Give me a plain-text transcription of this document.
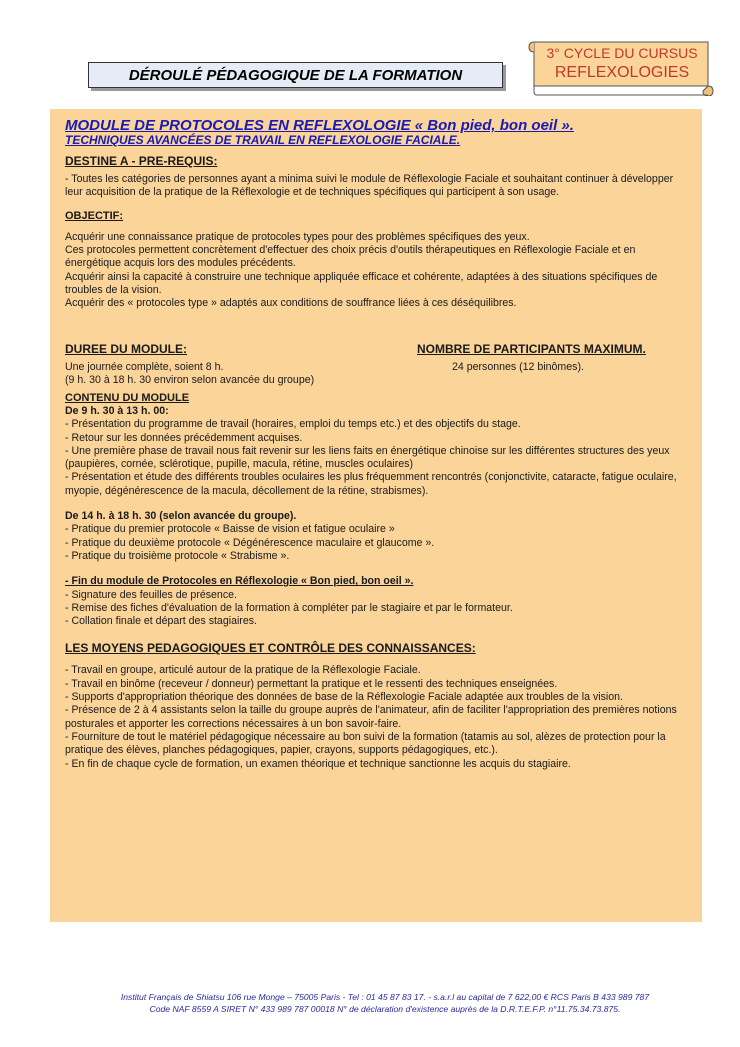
DÉROULÉ PÉDAGOGIQUE DE LA FORMATION
3° CYCLE DU CURSUS
REFLEXOLOGIES
MODULE DE PROTOCOLES EN REFLEXOLOGIE « Bon pied, bon oeil ».
TECHNIQUES AVANCÉES DE TRAVAIL EN REFLEXOLOGIE FACIALE.
DESTINE A - PRE-REQUIS:

- Toutes les catégories de personnes ayant a minima suivi le module de Réflexologie Faciale et souhaitant continuer à développer leur acquisition de la pratique de la Réflexologie et de techniques spécifiques qui participent à son usage.

OBJECTIF:

Acquérir une connaissance pratique de protocoles types pour des problèmes spécifiques des yeux.

Ces protocoles permettent concrètement d'effectuer des choix précis d'outils thérapeutiques en Réflexologie Faciale et en énergétique acquis lors des modules précédents.

Acquérir ainsi la capacité à construire une technique appliquée efficace et cohérente, adaptées à des situations spécifiques de troubles de la vision.

Acquérir des « protocoles type » adaptés aux conditions de souffrance liées à ces déséquilibres.

DUREE DU MODULE:	NOMBRE DE PARTICIPANTS MAXIMUM.

Une journée complète, soient 8 h.

(9 h. 30 à 18 h. 30 environ selon avancée du groupe)

24 personnes (12 binômes).
CONTENU DU MODULE

De 9 h. 30 à 13 h. 00:

- Présentation du programme de travail (horaires, emploi du temps etc.) et des objectifs du stage.

- Retour sur les données précédemment acquises.

- Une première phase de travail nous fait revenir sur les liens faits en énergétique chinoise sur les différentes structures des yeux (paupières, cornée, sclérotique, pupille, macula, rétine, muscles oculaires)

- Présentation et étude des différents troubles oculaires les plus fréquemment rencontrés (conjonctivite, cataracte, fatigue oculaire, myopie, dégénérescence de la macula, décollement de la rétine, strabismes).

De 14 h. à 18 h. 30 (selon avancée du groupe).

- Pratique du premier protocole « Baisse de vision et fatigue oculaire »

- Pratique du deuxième protocole « Dégénérescence maculaire et glaucome ».

- Pratique du troisième protocole « Strabisme ».

- Fin du module de Protocoles en Réflexologie « Bon pied, bon oeil ».

- Signature des feuilles de présence.

- Remise des fiches d'évaluation de la formation à compléter par le stagiaire et par le formateur.

- Collation finale et départ des stagiaires.

LES MOYENS PEDAGOGIQUES ET CONTRÔLE DES CONNAISSANCES:

- Travail en groupe, articulé autour de la pratique de la Réflexologie Faciale.

- Travail en binôme (receveur / donneur) permettant la pratique et le ressenti des techniques enseignées.

- Supports d'appropriation théorique des données de base de la Réflexologie Faciale adaptée aux troubles de la vision.

- Présence de 2 à 4 assistants selon la taille du groupe auprès de l'animateur, afin de faciliter l'appropriation des premières notions posturales et apporter les corrections nécessaires à un bon savoir-faire.

- Fourniture de tout le matériel pédagogique nécessaire au bon suivi de la formation (tatamis au sol, alèzes de protection pour la pratique des élèves, planches pédagogiques, papier, crayons, supports pédagogiques, etc.).

- En fin de chaque cycle de formation, un examen théorique et technique sanctionne les acquis du stagiaire.

Institut Français de Shiatsu 106 rue Monge – 75005 Paris - Tel : 01 45 87 83 17. - s.a.r.l au capital de 7 622,00 € RCS Paris B 433 989 787
Code NAF 8559 A SIRET N° 433 989 787 00018 N° de déclaration d'existence auprès de la D.R.T.E.F.P. n°11.75.34.73.875.
